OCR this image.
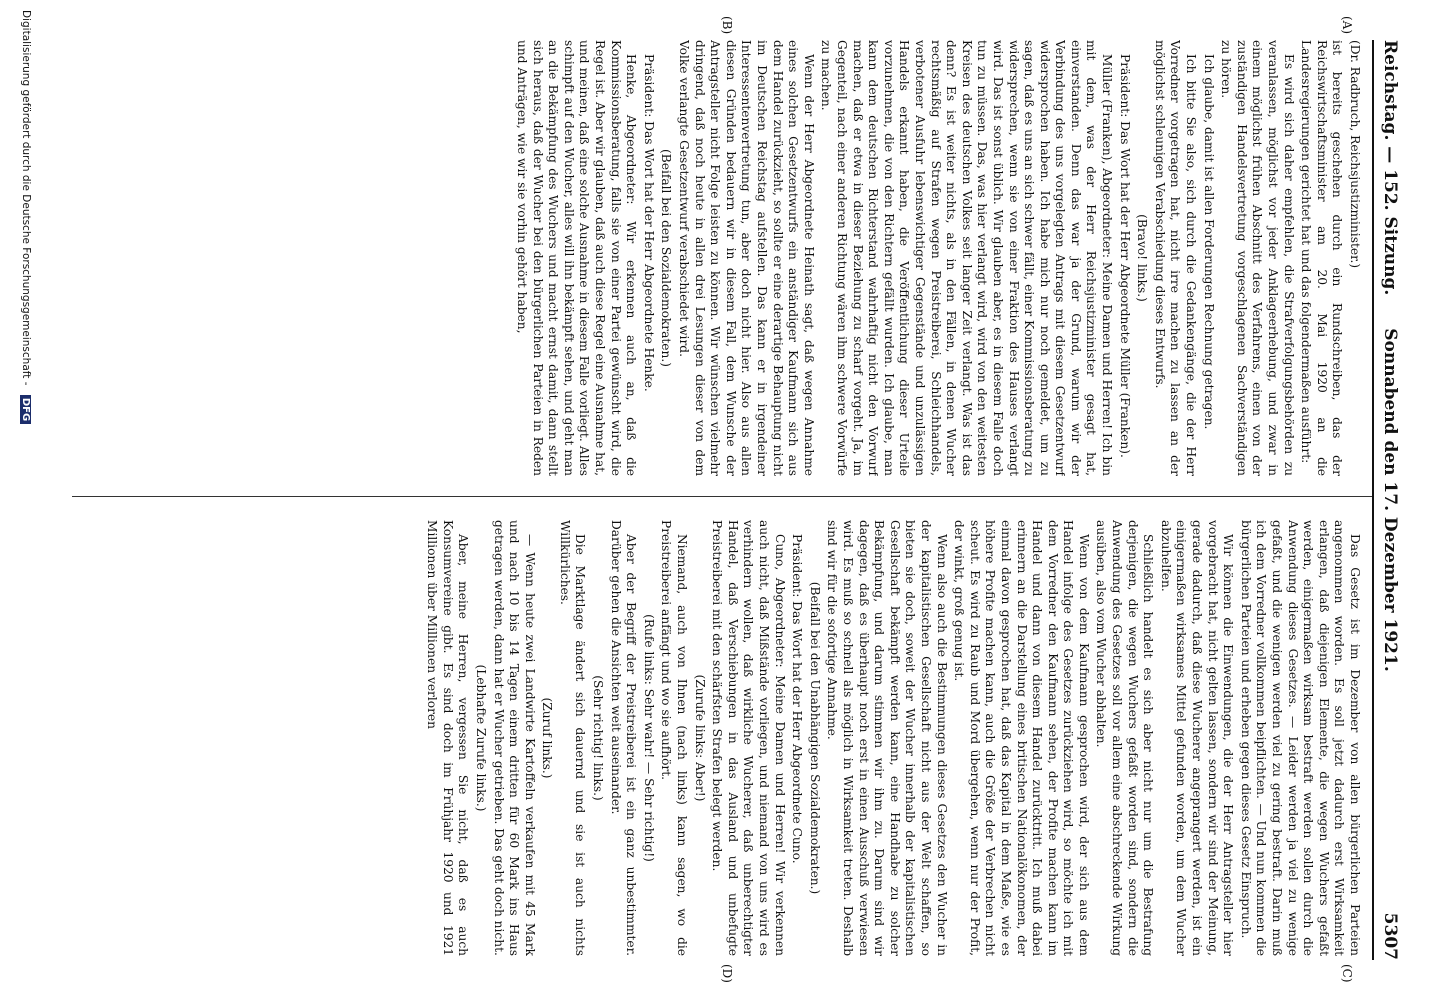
Reichstag. — 152. Sitzung.
Sonnabend den 17. Dezember 1921.
5307
(A)
(B)
(C)
(D)

(Dr. Radbruch, Reichsjustizminister.)

ist bereits geschehen durch ein Rundschreiben, das der Reichswirtschaftsminister am 20. Mai 1920 an die Landesregierungen gerichtet hat und das folgendermaßen ausführt:

Es wird sich daher empfehlen, die Strafverfolgungsbehörden zu veranlassen, möglichst vor jeder Anklageerhebung, und zwar in einem möglichst frühen Abschnitt des Verfahrens, einen von der zuständigen Handelsvertretung vorgeschlagenen Sachverständigen zu hören.

Ich glaube, damit ist allen Forderungen Rechnung getragen.

Ich bitte Sie also, sich durch die Gedankengänge, die der Herr Vorredner vorgetragen hat, nicht irre machen zu lassen an der möglichst schleunigen Verabschiedung dieses Entwurfs.

(Bravo! links.)

Präsident: Das Wort hat der Herr Abgeordnete Müller (Franken).

Müller (Franken), Abgeordneter: Meine Damen und Herren! Ich bin mit dem, was der Herr Reichsjustizminister gesagt hat, einverstanden. Denn das war ja der Grund, warum wir der Verbindung des uns vorgelegten Antrags mit diesem Gesetzentwurf widersprochen haben. Ich habe mich nur noch gemeldet, um zu sagen, daß es uns an sich schwer fällt, einer Kommissionsberatung zu widersprechen, wenn sie von einer Fraktion des Hauses verlangt wird. Das ist sonst üblich. Wir glauben aber, es in diesem Falle doch tun zu müssen. Das, was hier verlangt wird, wird von den weitesten Kreisen des deutschen Volkes seit langer Zeit verlangt. Was ist das denn? Es ist weiter nichts, als in den Fällen, in denen Wucher rechtsmäßig auf Strafen wegen Preistreiberei, Schleichhandels, verbotener Ausfuhr lebenswichtiger Gegenstände und unzulässigen Handels erkannt haben, die Veröffentlichung dieser Urteile vorzunehmen, die von den Richtern gefällt wurden. Ich glaube, man kann dem deutschen Richterstand wahrhaftig nicht den Vorwurf machen, daß er etwa in dieser Beziehung zu scharf vorgeht. Ja, im Gegenteil, nach einer anderen Richtung wären ihm schwere Vorwürfe zu machen.

Wenn der Herr Abgeordnete Heinath sagt, daß wegen Annahme eines solchen Gesetzentwurfs ein anständiger Kaufmann sich aus dem Handel zurückzieht, so sollte er eine derartige Behauptung nicht im Deutschen Reichstag aufstellen. Das kann er in irgendeiner Interessentenvertretung tun, aber doch nicht hier. Also aus allen diesen Gründen bedauern wir in diesem Fall, dem Wunsche der Antragsteller nicht Folge leisten zu können. Wir wünschen vielmehr dringend, daß noch heute in allen drei Lesungen dieser von dem Volke verlangte Gesetzentwurf verabschiedet wird.

(Beifall bei den Sozialdemokraten.)

Präsident: Das Wort hat der Herr Abgeordnete Henke.

Henke, Abgeordneter: Wir erkennen auch an, daß die Kommissionsberatung, falls sie von einer Partei gewünscht wird, die Regel ist. Aber wir glauben, daß auch diese Regel eine Ausnahme hat, und meinen, daß eine solche Ausnahme in diesem Falle vorliegt. Alles schimpft auf den Wucher, alles will ihn bekämpft sehen, und geht man an die Bekämpfung des Wuchers und macht ernst damit, dann stellt sich heraus, daß der Wucher bei den bürgerlichen Parteien in Reden und Anträgen, wie wir sie vorhin gehört haben,

Das Gesetz ist im Dezember von allen bürgerlichen Parteien angenommen worden. Es soll jetzt dadurch erst Wirksamkeit erlangen, daß diejenigen Elemente, die wegen Wuchers gefaßt werden, einigermaßen wirksam bestraft werden sollen durch die Anwendung dieses Gesetzes. — Leider werden ja viel zu wenige gefaßt, und die wenigen werden viel zu gering bestraft. Darin muß ich dem Vorredner vollkommen beipflichten. — Und nun kommen die bürgerlichen Parteien und erheben gegen dieses Gesetz Einspruch.

Wir können die Einwendungen, die der Herr Antragsteller hier vorgebracht hat, nicht gelten lassen, sondern wir sind der Meinung, gerade dadurch, daß diese Wucherer angeprangert werden, ist ein einigermaßen wirksames Mittel gefunden worden, um dem Wucher abzuhelfen.

Schließlich handelt es sich aber nicht nur um die Bestrafung derjenigen, die wegen Wuchers gefaßt worden sind, sondern die Anwendung des Gesetzes soll vor allem eine abschreckende Wirkung ausüben, also vom Wucher abhalten.

Wenn von dem Kaufmann gesprochen wird, der sich aus dem Handel infolge des Gesetzes zurückziehen wird, so möchte ich mit dem Vorredner den Kaufmann sehen, der Profite machen kann im Handel und dann von diesem Handel zurücktritt. Ich muß dabei erinnern an die Darstellung eines britischen Nationalökonomen, der einmal davon gesprochen hat, daß das Kapital in dem Maße, wie es höhere Profite machen kann, auch die Größe der Verbrechen nicht scheut. Es wird zu Raub und Mord übergehen, wenn nur der Profit, der winkt, groß genug ist.

Wenn also auch die Bestimmungen dieses Gesetzes den Wucher in der kapitalistischen Gesellschaft nicht aus der Welt schaffen, so bieten sie doch, soweit der Wucher innerhalb der kapitalistischen Gesellschaft bekämpft werden kann, eine Handhabe zu solcher Bekämpfung, und darum stimmen wir ihm zu. Darum sind wir dagegen, daß es überhaupt noch erst in einen Ausschuß verwiesen wird. Es muß so schnell als möglich in Wirksamkeit treten. Deshalb sind wir für die sofortige Annahme.

(Beifall bei den Unabhängigen Sozialdemokraten.)

Präsident: Das Wort hat der Herr Abgeordnete Cuno.

Cuno, Abgeordneter: Meine Damen und Herren! Wir verkennen auch nicht, daß Mißstände vorliegen, und niemand von uns wird es verhindern wollen, daß wirkliche Wucherer, daß unberechtigter Handel, daß Verschiebungen in das Ausland und unbefugte Preistreiberei mit den schärfsten Strafen belegt werden.

(Zurufe links: Aber!)

Niemand, auch von Ihnen (nach links) kann sagen, wo die Preistreiberei anfängt und wo sie aufhört.

(Rufe links: Sehr wahr! — Sehr richtig!)

Aber der Begriff der Preistreiberei ist ein ganz unbestimmter. Darüber gehen die Ansichten weit auseinander.

(Sehr richtig! links.)

Die Marktlage ändert sich dauernd und sie ist auch nichts Willkürliches.

(Zuruf links.)

— Wenn heute zwei Landwirte Kartoffeln verkaufen mit 45 Mark und nach 10 bis 14 Tagen einem dritten für 60 Mark ins Haus getragen werden, dann hat er Wucher getrieben. Das geht doch nicht.

(Lebhafte Zurufe links.)

Aber, meine Herren, vergessen Sie nicht, daß es auch Konsumvereine gibt. Es sind doch im Frühjahr 1920 und 1921 Millionen über Millionen verloren

Digitalisierung gefördert durch die Deutsche Forschungsgemeinschaft - DFG
